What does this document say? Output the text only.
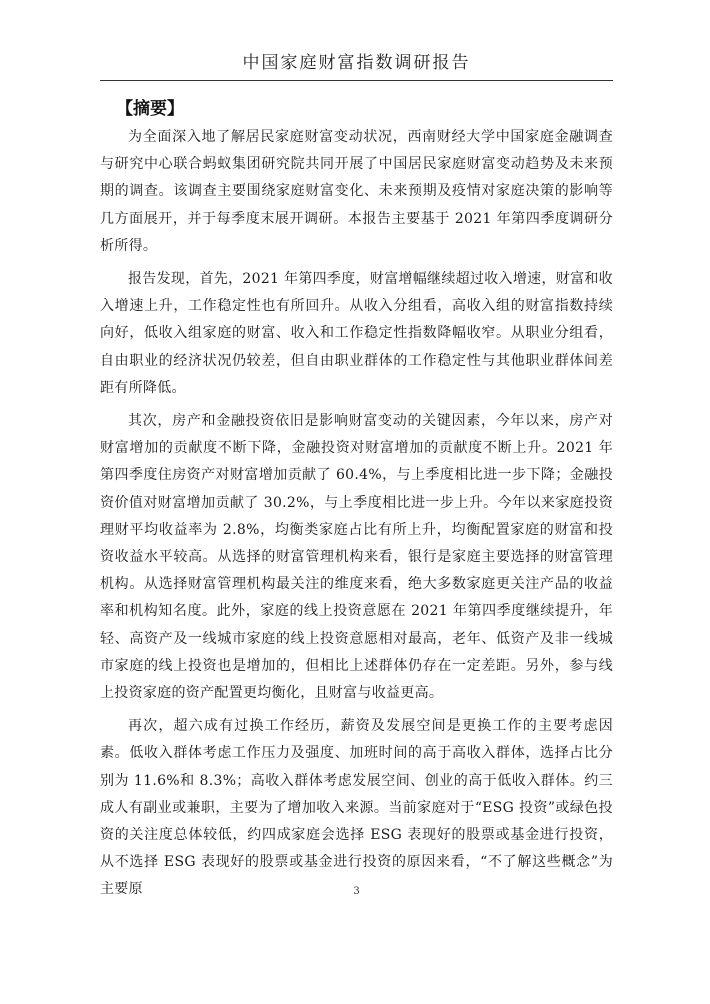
中国家庭财富指数调研报告
【摘要】

为全面深入地了解居民家庭财富变动状况，西南财经大学中国家庭金融调查与研究中心联合蚂蚁集团研究院共同开展了中国居民家庭财富变动趋势及未来预期的调查。该调查主要围绕家庭财富变化、未来预期及疫情对家庭决策的影响等几方面展开，并于每季度末展开调研。本报告主要基于 2021 年第四季度调研分析所得。

报告发现，首先，2021 年第四季度，财富增幅继续超过收入增速，财富和收入增速上升，工作稳定性也有所回升。从收入分组看，高收入组的财富指数持续向好，低收入组家庭的财富、收入和工作稳定性指数降幅收窄。从职业分组看，自由职业的经济状况仍较差，但自由职业群体的工作稳定性与其他职业群体间差距有所降低。

其次，房产和金融投资依旧是影响财富变动的关键因素，今年以来，房产对财富增加的贡献度不断下降，金融投资对财富增加的贡献度不断上升。2021 年第四季度住房资产对财富增加贡献了 60.4%，与上季度相比进一步下降；金融投资价值对财富增加贡献了 30.2%，与上季度相比进一步上升。今年以来家庭投资理财平均收益率为 2.8%，均衡类家庭占比有所上升，均衡配置家庭的财富和投资收益水平较高。从选择的财富管理机构来看，银行是家庭主要选择的财富管理机构。从选择财富管理机构最关注的维度来看，绝大多数家庭更关注产品的收益率和机构知名度。此外，家庭的线上投资意愿在 2021 年第四季度继续提升，年轻、高资产及一线城市家庭的线上投资意愿相对最高，老年、低资产及非一线城市家庭的线上投资也是增加的，但相比上述群体仍存在一定差距。另外，参与线上投资家庭的资产配置更均衡化，且财富与收益更高。

再次，超六成有过换工作经历，薪资及发展空间是更换工作的主要考虑因素。低收入群体考虑工作压力及强度、加班时间的高于高收入群体，选择占比分别为 11.6%和 8.3%；高收入群体考虑发展空间、创业的高于低收入群体。约三成人有副业或兼职，主要为了增加收入来源。当前家庭对于“ESG 投资”或绿色投资的关注度总体较低，约四成家庭会选择 ESG 表现好的股票或基金进行投资，从不选择 ESG 表现好的股票或基金进行投资的原因来看，“不了解这些概念”为主要原	3
